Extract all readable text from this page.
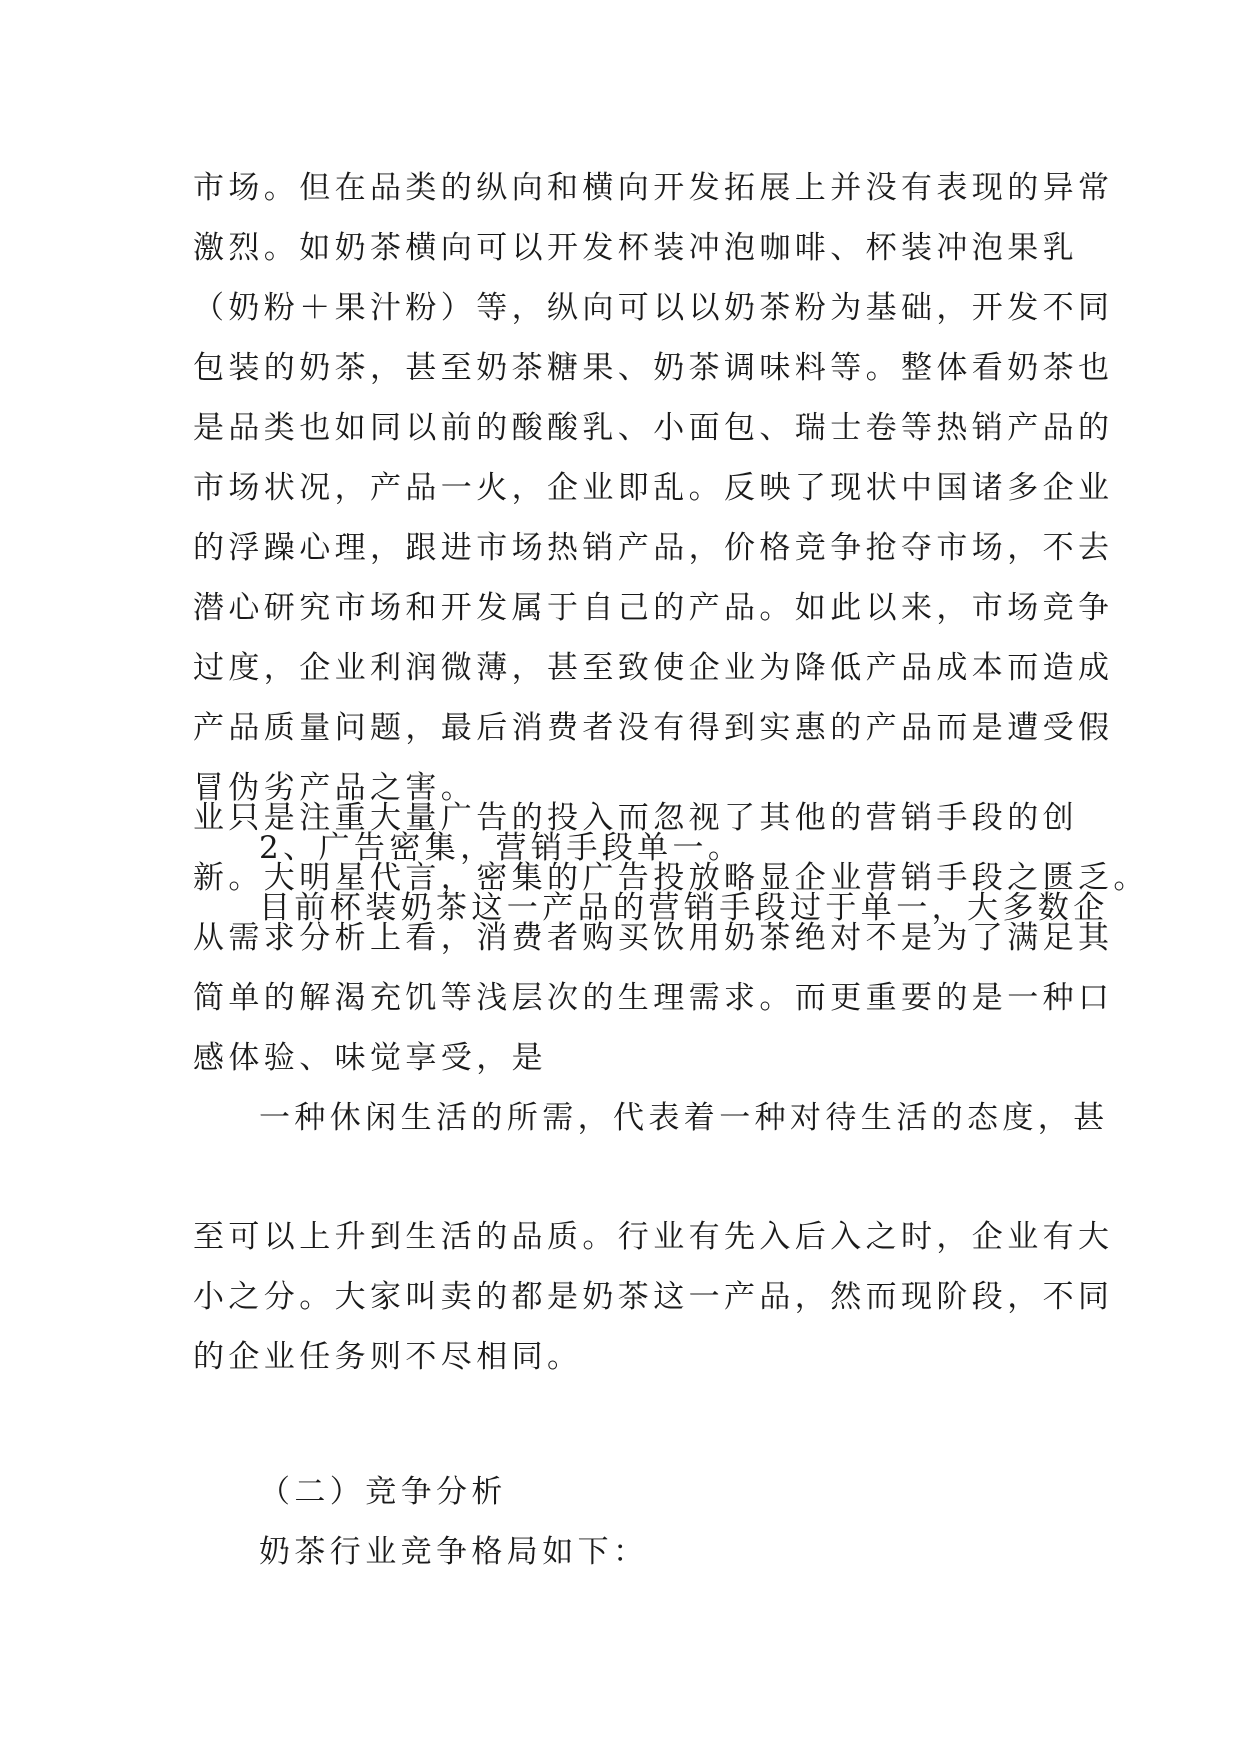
市场。但在品类的纵向和横向开发拓展上并没有表现的异常
激烈。如奶茶横向可以开发杯装冲泡咖啡、杯装冲泡果乳
（奶粉＋果汁粉）等，纵向可以以奶茶粉为基础，开发不同
包装的奶茶，甚至奶茶糖果、奶茶调味料等。整体看奶茶也
是品类也如同以前的酸酸乳、小面包、瑞士卷等热销产品的
市场状况，产品一火，企业即乱。反映了现状中国诸多企业
的浮躁心理，跟进市场热销产品，价格竞争抢夺市场，不去
潜心研究市场和开发属于自己的产品。如此以来，市场竞争
过度，企业利润微薄，甚至致使企业为降低产品成本而造成
产品质量问题，最后消费者没有得到实惠的产品而是遭受假
冒伪劣产品之害。
2、广告密集，营销手段单一。
目前杯装奶茶这一产品的营销手段过于单一，大多数企
业只是注重大量广告的投入而忽视了其他的营销手段的创
新。大明星代言，密集的广告投放略显企业营销手段之匮乏。
从需求分析上看，消费者购买饮用奶茶绝对不是为了满足其
简单的解渴充饥等浅层次的生理需求。而更重要的是一种口
感体验、味觉享受，是
一种休闲生活的所需，代表着一种对待生活的态度，甚
至可以上升到生活的品质。行业有先入后入之时，企业有大
小之分。大家叫卖的都是奶茶这一产品，然而现阶段，不同
的企业任务则不尽相同。
（二）竞争分析
奶茶行业竞争格局如下：
